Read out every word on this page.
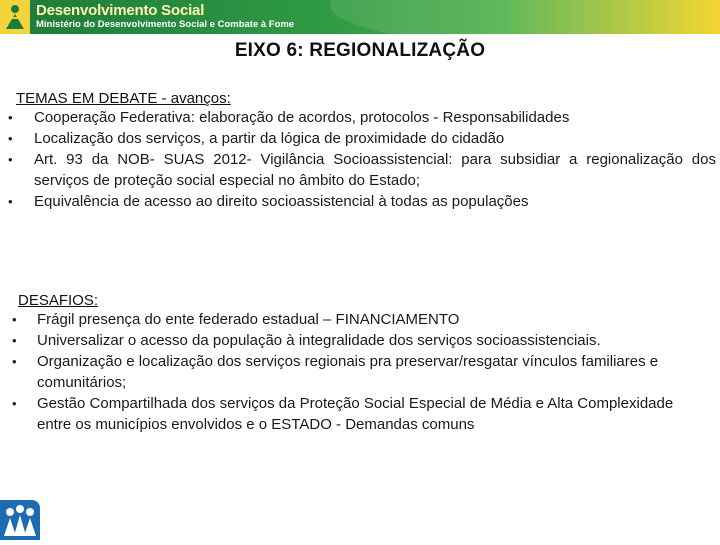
Desenvolvimento Social
Ministério do Desenvolvimento Social e Combate à Fome
EIXO 6: REGIONALIZAÇÃO
TEMAS EM DEBATE - avanços:
• Cooperação Federativa: elaboração de acordos, protocolos - Responsabilidades
• Localização dos serviços, a partir da lógica de proximidade do cidadão
• Art. 93 da NOB- SUAS 2012- Vigilância Socioassistencial: para subsidiar a regionalização dos serviços de proteção social especial no âmbito do Estado;
• Equivalência de acesso ao direito socioassistencial à todas as populações
DESAFIOS:
• Frágil presença do ente federado estadual – FINANCIAMENTO
• Universalizar o acesso da população à integralidade dos serviços socioassistenciais.
• Organização e localização dos serviços regionais pra preservar/resgatar vínculos familiares e comunitários;
• Gestão Compartilhada dos serviços da Proteção Social Especial de Média e Alta Complexidade entre os municípios envolvidos e o ESTADO - Demandas comuns
